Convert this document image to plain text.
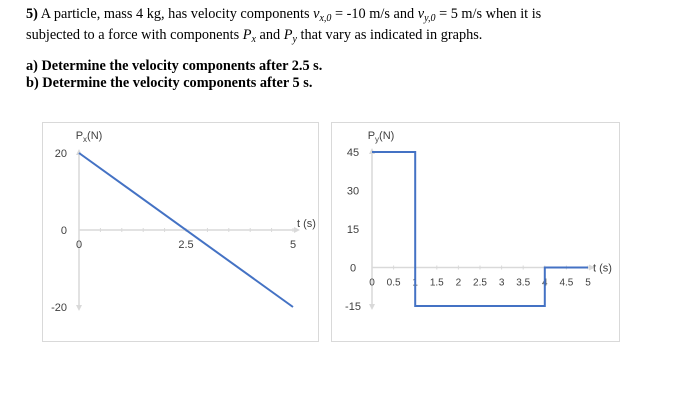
5) A particle, mass 4 kg, has velocity components $v_{x,0} = -10$ m/s and $v_{y,0} = 5$ m/s when it is
subjected to a force with components $P_x$ and $P_y$ that vary as indicated in graphs.
a) Determine the velocity components after 2.5 s.
b) Determine the velocity components after 5 s.
20
0
-20
0	2.5	5
$P_x(N)$
t (s)
45
30
15
0
-15
0 0.5 1 1.5 2 2.5 3 3.5 4 4.5 5
$P_y(N)$
t (s)
